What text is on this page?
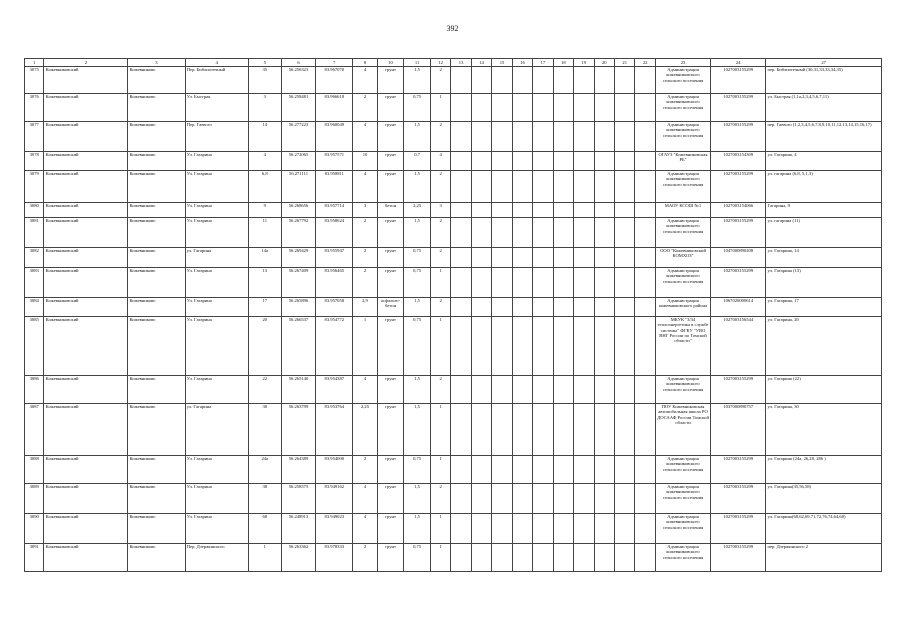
392
1	2	3	4	5	6	7	8	10	11	12	13	14	15	16	17	18	19	20	21	22	23	24	27
3075	Кожевниковский	Кожевниково	Пер. Библиотечный	35	56.256323	83.967070	4	грунт	1,5	2											Администрация кожевниковского сельского поселения	1027003155299	пер. Библиотечный (30,31,33,33,34,35)
3076	Кожевниковский	Кожевниково	Ул. Быстрая	3	56.258481	83.966618	2	грунт	0,75	1											Администрация кожевниковского сельского поселения	1027003155299	ул. Быстрая (1,1а,2,3,4,5,6,7,11)
3077	Кожевниковский	Кожевниково	Пер. Гаевого	14	56.277223	83.960049	4	грунт	1,5	2											Администрация кожевниковского сельского поселения	1027003155299	пер. Гаевого (1,2,3,4,5,6,7,8,9,10,11,12,13,14,15,16,17)
3078	Кожевниковский	Кожевниково	Ул. Гагарина	4	56.272065	83.957571	10	грунт	0,7	4											ОГАУЗ "Кожевниковская РБ"	1027003154309	ул. Гагарина, 4
3079	Кожевниковский	Кожевниково	Ул. Гагарина	6,8	56.271111	83.958811	4	грунт	1,5	2											Администрация кожевниковского сельского поселения	1027003155299	ул. гагарина (6,8, 5,1,3)
3080	Кожевниковский	Кожевниково	Ул. Гагарина	9	56.268656	83.957714	3	бетон	2,25	3											МАОУ КСОШ №1	1027003154066	Гагарина, 9
3081	Кожевниковский	Кожевниково	Ул. Гагарина	11	56.267792	83.958624	2	грунт	1,5	2											Администрация кожевниковского сельского поселения	1027003155299	ул. гагарина (11)
3082	Кожевниковский	Кожевниково	ул. Гагарина	14а	56.269429	83.955947	2	грунт	0,75	2											ООО "Кожевниковский КОМХОЗ"	1047000890208	ул. Гагарина, 14
3083	Кожевниковский	Кожевниково	Ул. Гагарина	13	56.267409	83.956465	2	грунт	0,75	1											Администрация кожевниковского сельского поселения	1027003155299	ул. Гагарина (13)
3084	Кожевниковский	Кожевниково	Ул. Гагарина	17	56.265896	83.957058	2,9	асфальто-бетон	1,5	2											Администрация кожевниковского района	1067026000614	ул. Гагарина, 17
3085	Кожевниковский	Кожевниково	Ул. Гагарина	20	56.266537	83.954772	1	грунт	0,75	1											МКУК "3/34 теплоэнергетика в службе системы" ФГКУ "УВО ВНГ России по Томской области"	1027003156544	ул. Гагарина, 20
3086	Кожевниковский	Кожевниково	Ул. Гагарина	22	56.265140	83.954387	4	грунт	1,5	2											Администрация кожевниковского сельского поселения	1027003155299	ул. Гагарина (22)
3087	Кожевниковский	Кожевниково	ул. Гагарина	30	56.263799	83.953764	2,25	грунт	1,5	1											ПОУ Кожевниковская автомобильная школа РО ДОСААФ России Томской области	1037000890757	ул. Гагарина, 30
3088	Кожевниковский	Кожевниково	Ул. Гагарина	24а	56.264389	83.954000	2	грунт	0,75	1											Администрация кожевниковского сельского поселения	1027003155299	ул. Гагарина (24а, 26,28, 286 )
3089	Кожевниковский	Кожевниково	Ул. Гагарина	38	56.258575	83.949162	4	грунт	1,5	2											Администрация кожевниковского сельского поселения	1027003155299	ул. Гагарина(35,56,58)
3090	Кожевниковский	Кожевниково	Ул. Гагарина	68	56.248913	83.949023	4	грунт	1,5	1											Администрация кожевниковского сельского поселения	1027003155299	ул. Гагарина(68,62,69,71,72,76,74,64,60)
3091	Кожевниковский	Кожевниково	Пер. Дзержинского	1	56.263362	83.978333	2	грунт	0,75	1											Администрация кожевниковского сельского поселения	1027003155299	пер. Дзержинского 2
